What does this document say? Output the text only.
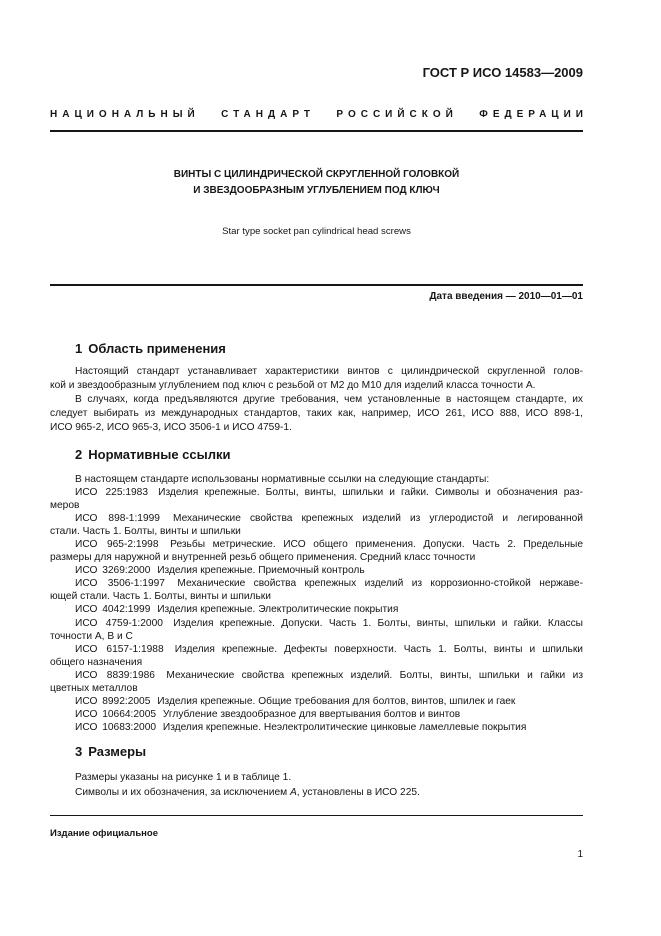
ГОСТ Р ИСО 14583—2009
НАЦИОНАЛЬНЫЙ СТАНДАРТ РОССИЙСКОЙ ФЕДЕРАЦИИ
ВИНТЫ С ЦИЛИНДРИЧЕСКОЙ СКРУГЛЕННОЙ ГОЛОВКОЙ
И ЗВЕЗДООБРАЗНЫМ УГЛУБЛЕНИЕМ ПОД КЛЮЧ
Star type socket pan cylindrical head screws
Дата введения — 2010—01—01
1 Область применения
Настоящий стандарт устанавливает характеристики винтов с цилиндрической скругленной голов-
кой и звездообразным углублением под ключ с резьбой от М2 до М10 для изделий класса точности А.
В случаях, когда предъявляются другие требования, чем установленные в настоящем стандарте, их
следует выбирать из международных стандартов, таких как, например, ИСО 261, ИСО 888, ИСО 898-1,
ИСО 965-2, ИСО 965-3, ИСО 3506-1 и ИСО 4759-1.
2 Нормативные ссылки
В настоящем стандарте использованы нормативные ссылки на следующие стандарты:
ИСО 225:1983 Изделия крепежные. Болты, винты, шпильки и гайки. Символы и обозначения раз-
меров
ИСО 898-1:1999 Механические свойства крепежных изделий из углеродистой и легированной
стали. Часть 1. Болты, винты и шпильки
ИСО 965-2:1998 Резьбы метрические. ИСО общего применения. Допуски. Часть 2. Предельные
размеры для наружной и внутренней резьб общего применения. Средний класс точности
ИСО 3269:2000 Изделия крепежные. Приемочный контроль
ИСО 3506-1:1997 Механические свойства крепежных изделий из коррозионно-стойкой нержаве-
ющей стали. Часть 1. Болты, винты и шпильки
ИСО 4042:1999 Изделия крепежные. Электролитические покрытия
ИСО 4759-1:2000 Изделия крепежные. Допуски. Часть 1. Болты, винты, шпильки и гайки. Классы
точности А, В и С
ИСО 6157-1:1988 Изделия крепежные. Дефекты поверхности. Часть 1. Болты, винты и шпильки
общего назначения
ИСО 8839:1986 Механические свойства крепежных изделий. Болты, винты, шпильки и гайки из
цветных металлов
ИСО 8992:2005 Изделия крепежные. Общие требования для болтов, винтов, шпилек и гаек
ИСО 10664:2005 Углубление звездообразное для ввертывания болтов и винтов
ИСО 10683:2000 Изделия крепежные. Неэлектролитические цинковые ламеллевые покрытия
3 Размеры
Размеры указаны на рисунке 1 и в таблице 1.
Символы и их обозначения, за исключением A, установлены в ИСО 225.
Издание официальное
1
